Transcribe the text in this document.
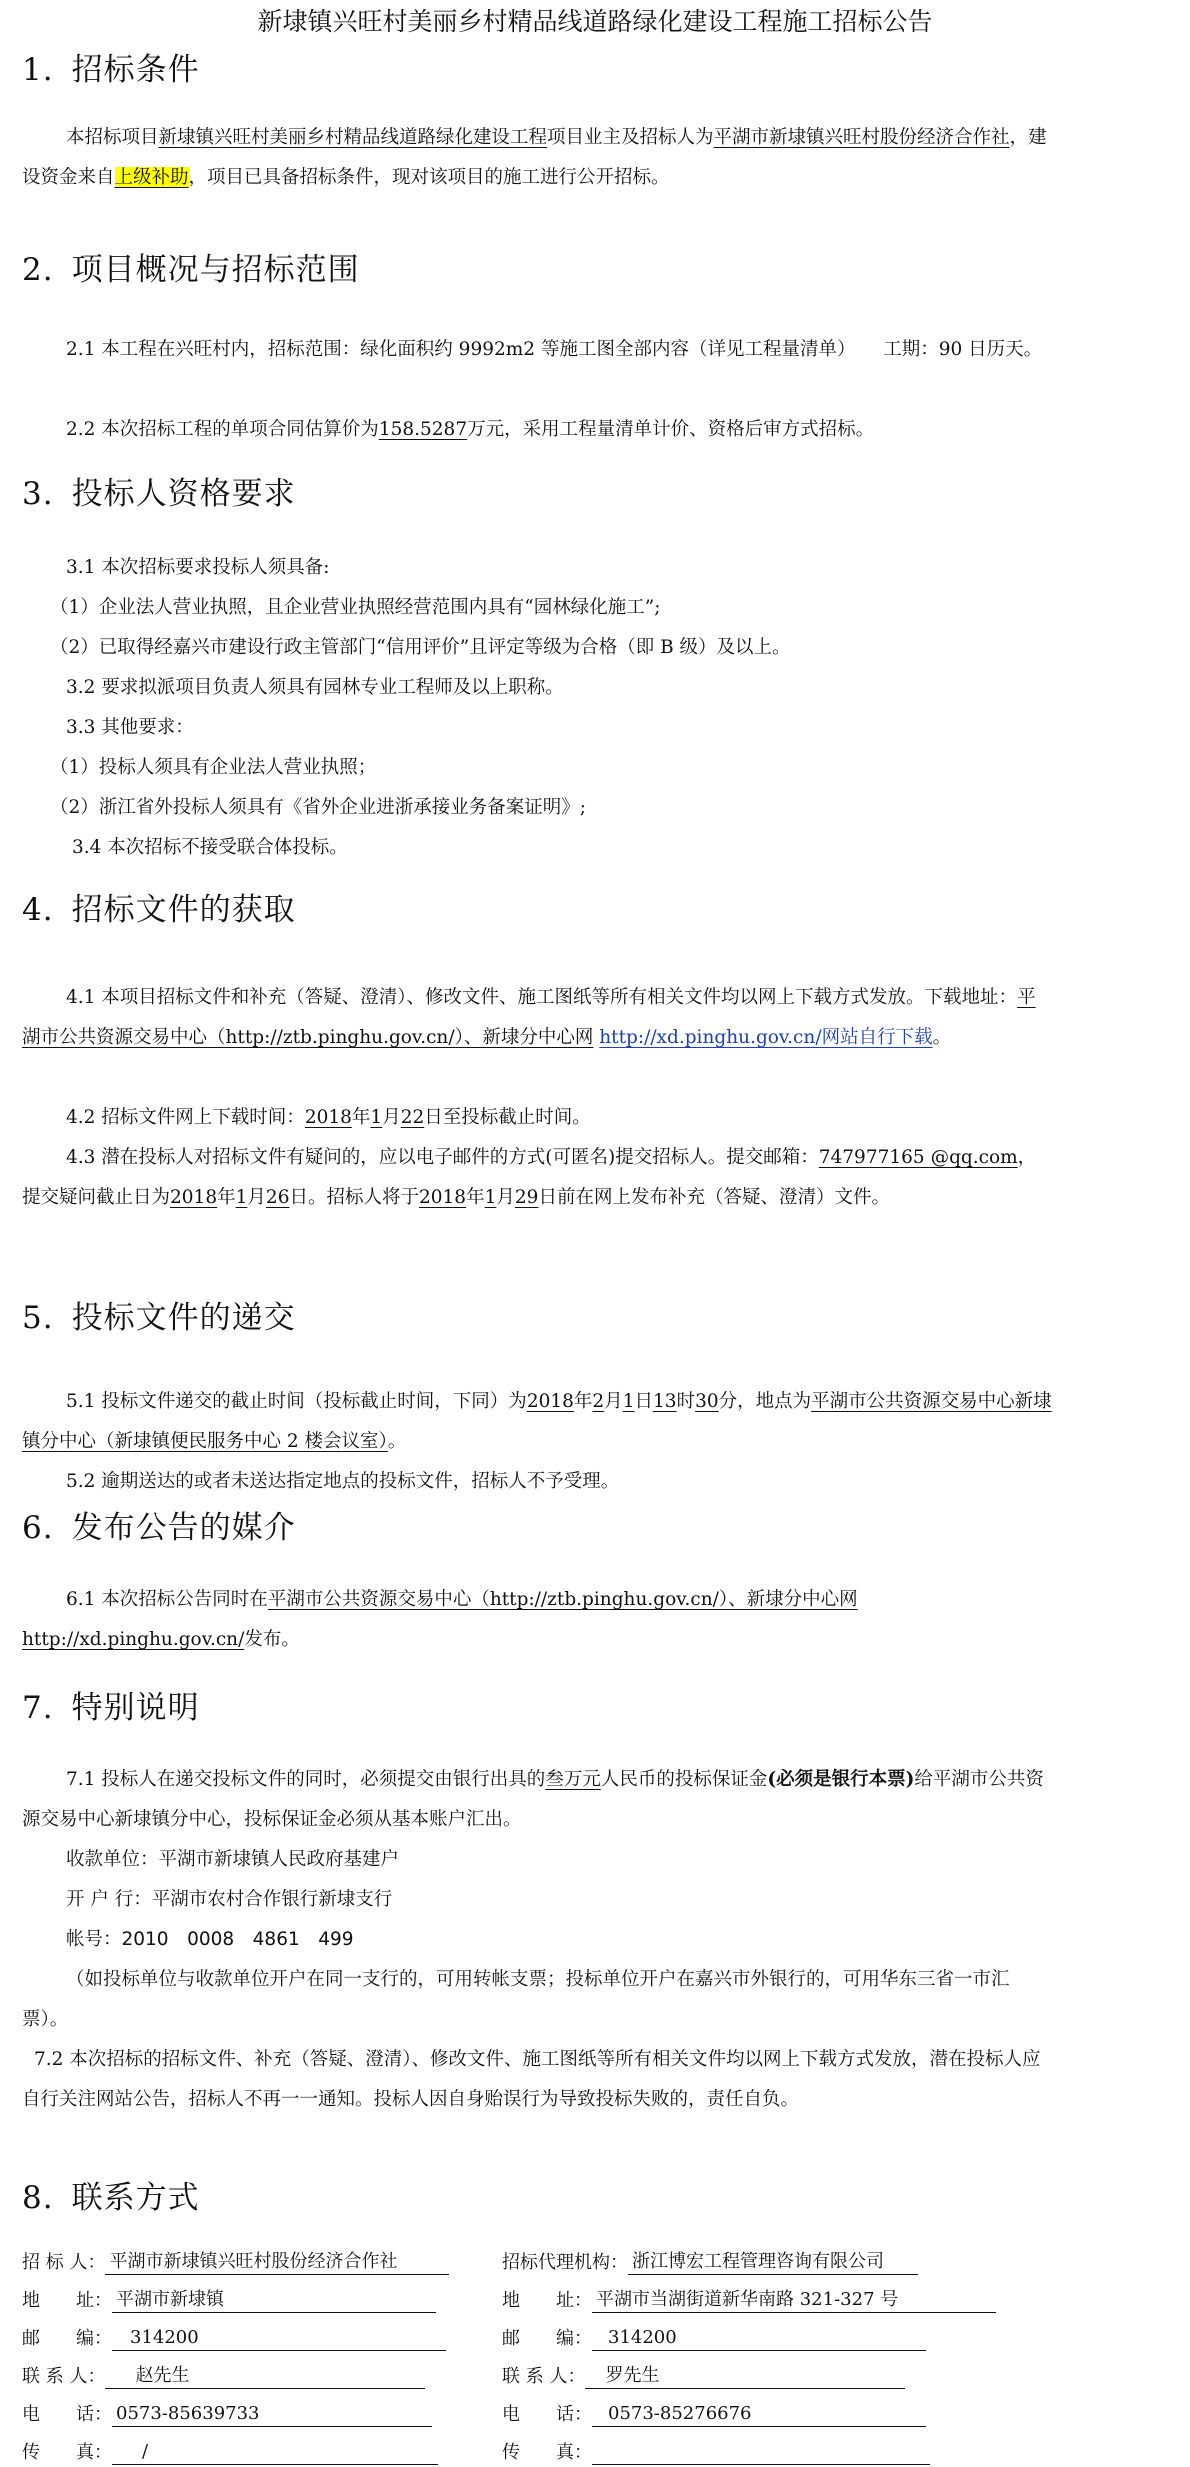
新埭镇兴旺村美丽乡村精品线道路绿化建设工程施工招标公告
1. 招标条件
本招标项目新埭镇兴旺村美丽乡村精品线道路绿化建设工程项目业主及招标人为平湖市新埭镇兴旺村股份经济合作社，建设资金来自上级补助，项目已具备招标条件，现对该项目的施工进行公开招标。
2. 项目概况与招标范围
2.1 本工程在兴旺村内，招标范围：绿化面积约 9992m2 等施工图全部内容（详见工程量清单）　　工期：90 日历天。
2.2 本次招标工程的单项合同估算价为158.5287万元，采用工程量清单计价、资格后审方式招标。
3. 投标人资格要求
3.1 本次招标要求投标人须具备:
（1）企业法人营业执照，且企业营业执照经营范围内具有“园林绿化施工”;
（2）已取得经嘉兴市建设行政主管部门“信用评价”且评定等级为合格（即 B 级）及以上。
3.2 要求拟派项目负责人须具有园林专业工程师及以上职称。
3.3 其他要求：
（1）投标人须具有企业法人营业执照；
（2）浙江省外投标人须具有《省外企业进浙承接业务备案证明》;
3.4 本次招标不接受联合体投标。
4. 招标文件的获取
4.1 本项目招标文件和补充（答疑、澄清）、修改文件、施工图纸等所有相关文件均以网上下载方式发放。下载地址：平湖市公共资源交易中心（http://ztb.pinghu.gov.cn/）、新埭分中心网 http://xd.pinghu.gov.cn/网站自行下载。
4.2 招标文件网上下载时间：2018年1月22日至投标截止时间。
4.3 潜在投标人对招标文件有疑问的，应以电子邮件的方式(可匿名)提交招标人。提交邮箱：747977165 @qq.com，提交疑问截止日为2018年1月26日。招标人将于2018年1月29日前在网上发布补充（答疑、澄清）文件。
5. 投标文件的递交
5.1 投标文件递交的截止时间（投标截止时间，下同）为2018年2月1日13时30分，地点为平湖市公共资源交易中心新埭镇分中心（新埭镇便民服务中心 2 楼会议室）。
5.2 逾期送达的或者未送达指定地点的投标文件，招标人不予受理。
6. 发布公告的媒介
6.1 本次招标公告同时在平湖市公共资源交易中心（http://ztb.pinghu.gov.cn/）、新埭分中心网 http://xd.pinghu.gov.cn/发布。
7. 特别说明
7.1 投标人在递交投标文件的同时，必须提交由银行出具的叁万元人民币的投标保证金(必须是银行本票)给平湖市公共资源交易中心新埭镇分中心，投标保证金必须从基本账户汇出。
收款单位：平湖市新埭镇人民政府基建户
开 户 行：平湖市农村合作银行新埭支行
帐号：2010　0008　4861　499
（如投标单位与收款单位开户在同一支行的，可用转帐支票；投标单位开户在嘉兴市外银行的，可用华东三省一市汇票）。
7.2 本次招标的招标文件、补充（答疑、澄清）、修改文件、施工图纸等所有相关文件均以网上下载方式发放，潜在投标人应自行关注网站公告，招标人不再一一通知。投标人因自身贻误行为导致投标失败的，责任自负。
8. 联系方式
招 标 人： 平湖市新埭镇兴旺村股份经济合作社
地　　址： 平湖市新埭镇
邮　　编： 314200
联 系 人： 赵先生
电　　话： 0573-85639733
传　　真： /
招标代理机构： 浙江博宏工程管理咨询有限公司
地　　址： 平湖市当湖街道新华南路 321-327 号
邮　　编： 314200
联 系 人： 罗先生
电　　话： 0573-85276676
传　　真：
